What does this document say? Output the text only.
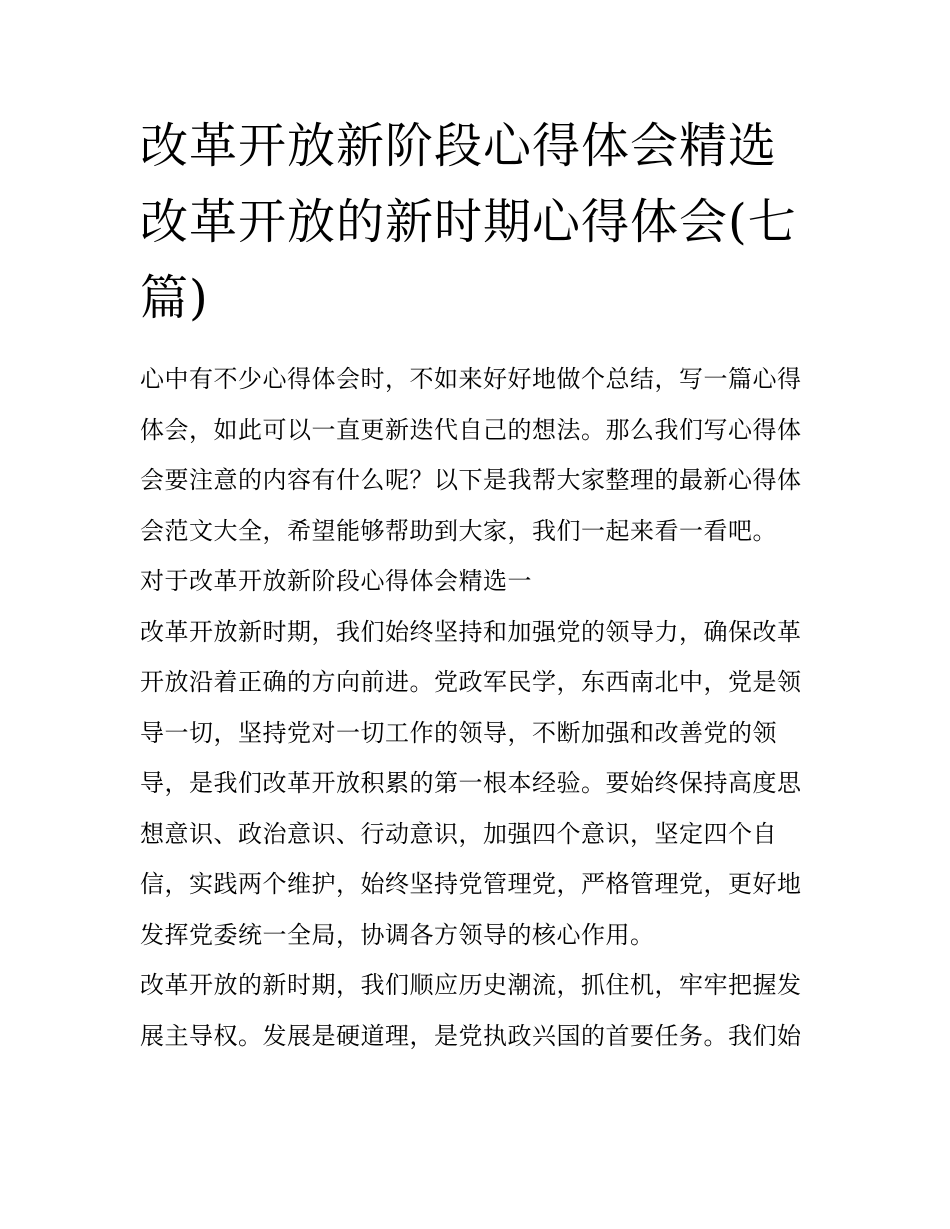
改革开放新阶段心得体会精选
改革开放的新时期心得体会(七
篇)
心中有不少心得体会时，不如来好好地做个总结，写一篇心得
体会，如此可以一直更新迭代自己的想法。那么我们写心得体
会要注意的内容有什么呢？以下是我帮大家整理的最新心得体
会范文大全，希望能够帮助到大家，我们一起来看一看吧。
对于改革开放新阶段心得体会精选一
改革开放新时期，我们始终坚持和加强党的领导力，确保改革
开放沿着正确的方向前进。党政军民学，东西南北中，党是领
导一切，坚持党对一切工作的领导，不断加强和改善党的领
导，是我们改革开放积累的第一根本经验。要始终保持高度思
想意识、政治意识、行动意识，加强四个意识，坚定四个自
信，实践两个维护，始终坚持党管理党，严格管理党，更好地
发挥党委统一全局，协调各方领导的核心作用。
改革开放的新时期，我们顺应历史潮流，抓住机，牢牢把握发
展主导权。发展是硬道理，是党执政兴国的首要任务。我们始
